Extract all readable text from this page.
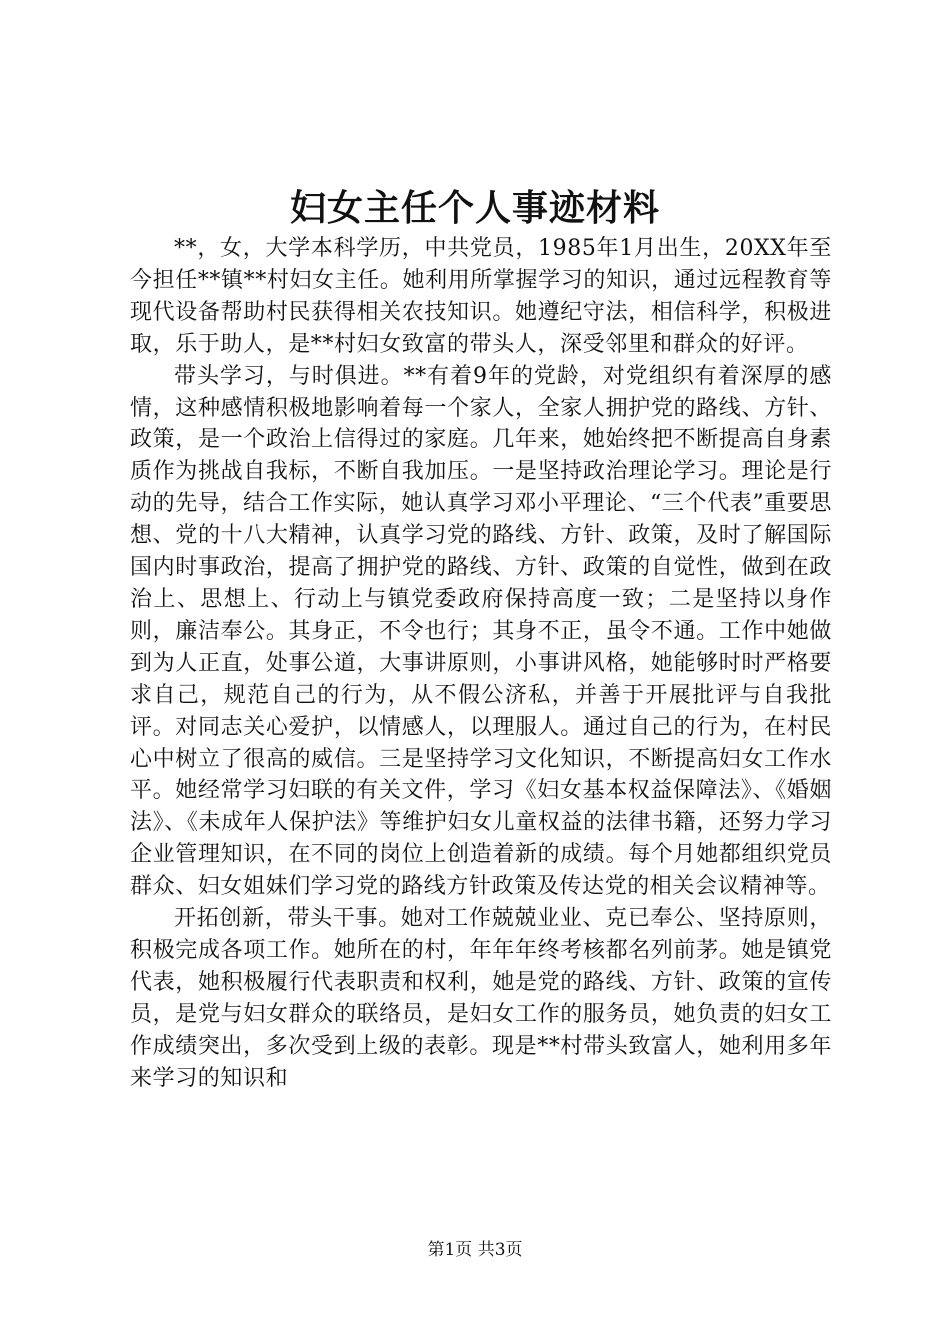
妇女主任个人事迹材料

**，女，大学本科学历，中共党员，1985年1月出生，20XX年至今担任**镇**村妇女主任。她利用所掌握学习的知识，通过远程教育等现代设备帮助村民获得相关农技知识。她遵纪守法，相信科学，积极进取，乐于助人，是**村妇女致富的带头人，深受邻里和群众的好评。

带头学习，与时俱进。**有着9年的党龄，对党组织有着深厚的感情，这种感情积极地影响着每一个家人，全家人拥护党的路线、方针、政策，是一个政治上信得过的家庭。几年来，她始终把不断提高自身素质作为挑战自我标，不断自我加压。一是坚持政治理论学习。理论是行动的先导，结合工作实际，她认真学习邓小平理论、“三个代表”重要思想、党的十八大精神，认真学习党的路线、方针、政策，及时了解国际国内时事政治，提高了拥护党的路线、方针、政策的自觉性，做到在政治上、思想上、行动上与镇党委政府保持高度一致；二是坚持以身作则，廉洁奉公。其身正，不令也行；其身不正，虽令不通。工作中她做到为人正直，处事公道，大事讲原则，小事讲风格，她能够时时严格要求自己，规范自己的行为，从不假公济私，并善于开展批评与自我批评。对同志关心爱护，以情感人，以理服人。通过自己的行为，在村民心中树立了很高的威信。三是坚持学习文化知识，不断提高妇女工作水平。她经常学习妇联的有关文件，学习《妇女基本权益保障法》、《婚姻法》、《未成年人保护法》等维护妇女儿童权益的法律书籍，还努力学习企业管理知识，在不同的岗位上创造着新的成绩。每个月她都组织党员群众、妇女姐妹们学习党的路线方针政策及传达党的相关会议精神等。

开拓创新，带头干事。她对工作兢兢业业、克已奉公、坚持原则，积极完成各项工作。她所在的村，年年年终考核都名列前茅。她是镇党代表，她积极履行代表职责和权利，她是党的路线、方针、政策的宣传员，是党与妇女群众的联络员，是妇女工作的服务员，她负责的妇女工作成绩突出，多次受到上级的表彰。现是**村带头致富人，她利用多年来学习的知识和

第1页 共3页
